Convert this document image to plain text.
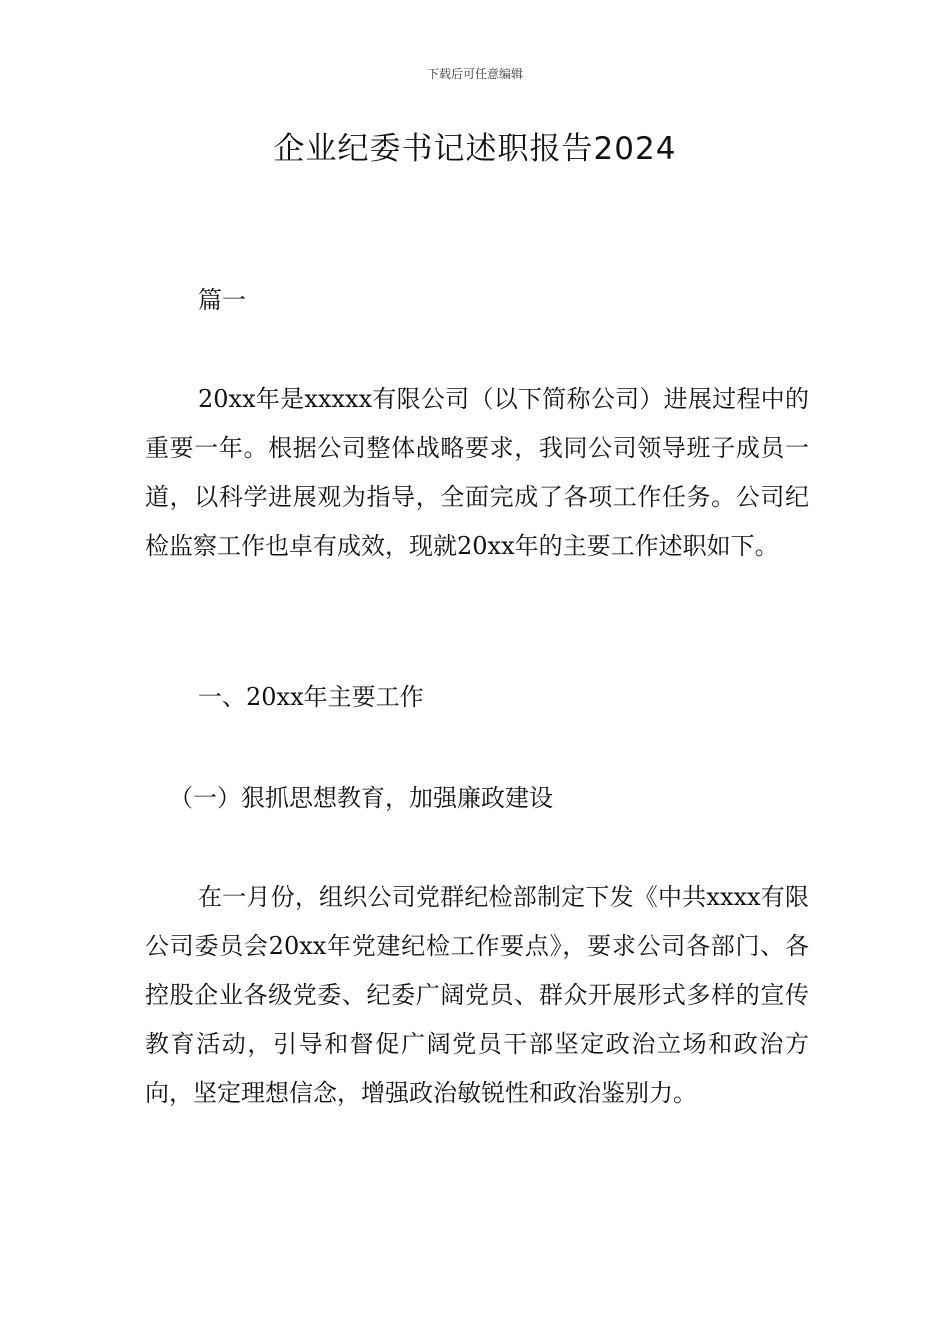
下载后可任意编辑
企业纪委书记述职报告2024

篇一

20xx年是xxxxx有限公司（以下简称公司）进展过程中的重要一年。根据公司整体战略要求，我同公司领导班子成员一道，以科学进展观为指导，全面完成了各项工作任务。公司纪检监察工作也卓有成效，现就20xx年的主要工作述职如下。

一、20xx年主要工作

（一）狠抓思想教育，加强廉政建设

在一月份，组织公司党群纪检部制定下发《中共xxxx有限公司委员会20xx年党建纪检工作要点》，要求公司各部门、各控股企业各级党委、纪委广阔党员、群众开展形式多样的宣传教育活动，引导和督促广阔党员干部坚定政治立场和政治方向，坚定理想信念，增强政治敏锐性和政治鉴别力。
